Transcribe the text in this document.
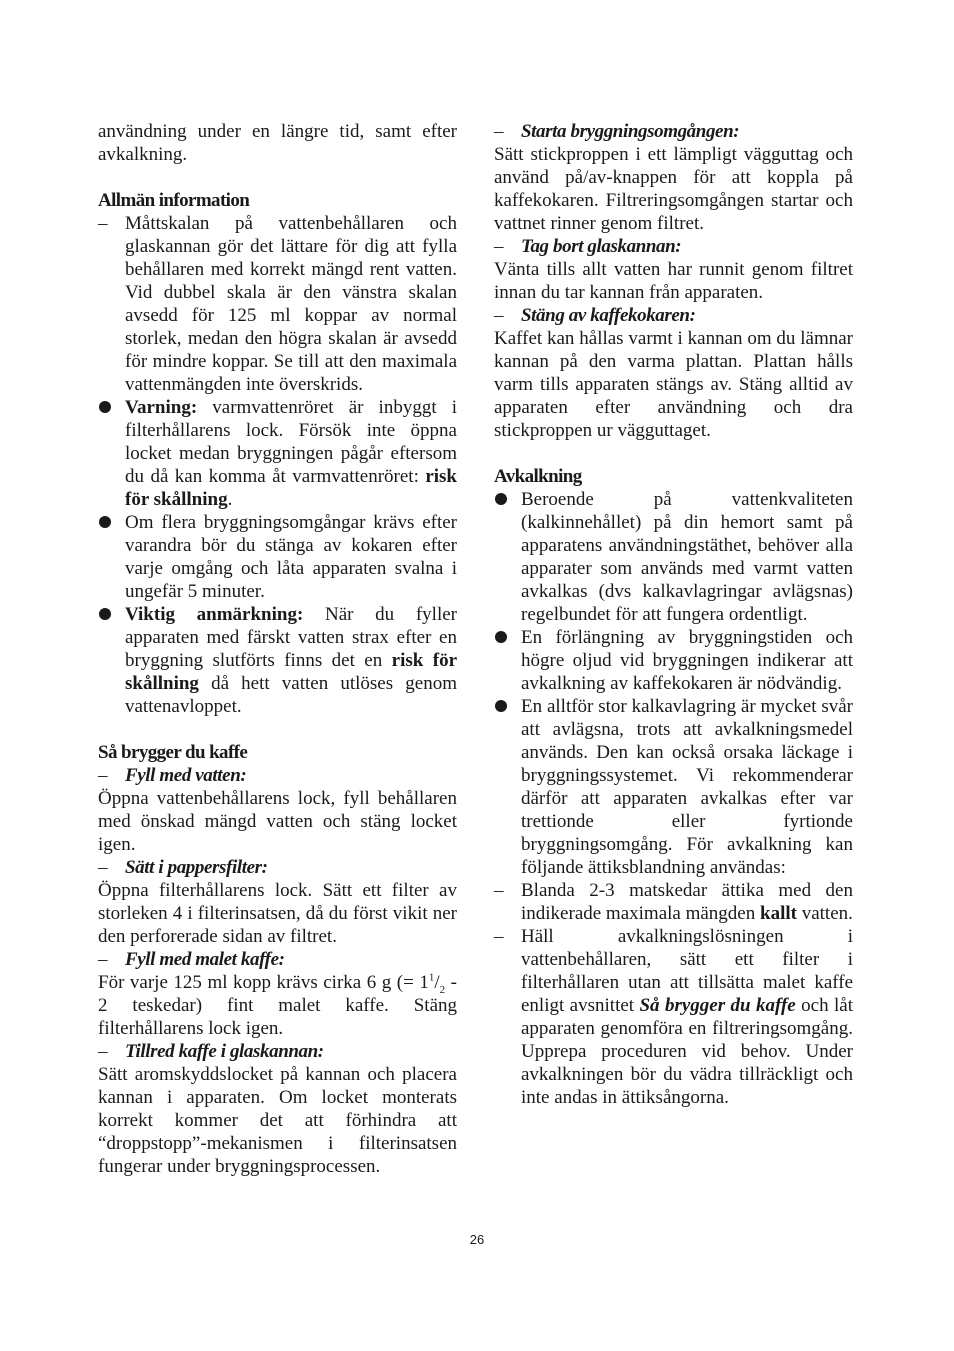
användning under en längre tid, samt efter avkalkning.

Allmän information

–
Måttskalan på vattenbehållaren och glaskannan gör det lättare för dig att fylla behållaren med korrekt mängd rent vatten. Vid dubbel skala är den vänstra skalan avsedd för 125 ml koppar av normal storlek, medan den högra skalan är avsedd för mindre koppar. Se till att den maximala vattenmängden inte överskrids.
Varning: varmvattenröret är inbyggt i filterhållarens lock. Försök inte öppna locket medan bryggningen pågår eftersom du då kan komma åt varmvattenröret: risk för skållning.
Om flera bryggningsomgångar krävs efter varandra bör du stänga av kokaren efter varje omgång och låta apparaten svalna i ungefär 5 minuter.
Viktig anmärkning: När du fyller apparaten med färskt vatten strax efter en bryggning slutförts finns det en risk för skållning då hett vatten utlöses genom vattenavloppet.

Så brygger du kaffe

– Fyll med vatten:

Öppna vattenbehållarens lock, fyll behållaren med önskad mängd vatten och stäng locket igen.

– Sätt i pappersfilter:

Öppna filterhållarens lock. Sätt ett filter av storleken 4 i filterinsatsen, då du först vikit ner den perforerade sidan av filtret.

– Fyll med malet kaffe:

För varje 125 ml kopp krävs cirka 6 g (= $1^1/_2 - 2$ teskedar) fint malet kaffe. Stäng filterhållarens lock igen.

– Tillred kaffe i glaskannan:

Sätt aromskyddslocket på kannan och placera kannan i apparaten. Om locket monterats korrekt kommer det att förhindra att “droppstopp”-mekanismen i filterinsatsen fungerar under bryggningsprocessen.

– Starta bryggningsomgången:

Sätt stickproppen i ett lämpligt vägguttag och använd på/av-knappen för att koppla på kaffekokaren. Filtreringsomgången startar och vattnet rinner genom filtret.

– Tag bort glaskannan:

Vänta tills allt vatten har runnit genom filtret innan du tar kannan från apparaten.

– Stäng av kaffekokaren:

Kaffet kan hållas varmt i kannan om du lämnar kannan på den varma plattan. Plattan hålls varm tills apparaten stängs av. Stäng alltid av apparaten efter användning och dra stickproppen ur vägguttaget.

Avkalkning

Beroende på vattenkvaliteten (kalkinnehållet) på din hemort samt på apparatens användningstäthet, behöver alla apparater som används med varmt vatten avkalkas (dvs kalkavlagringar avlägsnas) regelbundet för att fungera ordentligt.
En förlängning av bryggningstiden och högre oljud vid bryggningen indikerar att avkalkning av kaffekokaren är nödvändig.
En alltför stor kalkavlagring är mycket svår att avlägsna, trots att avkalkningsmedel används. Den kan också orsaka läckage i bryggningssystemet. Vi rekommenderar därför att apparaten avkalkas efter var trettionde eller fyrtionde bryggningsomgång. För avkalkning kan följande ättiksblandning användas:
–
Blanda 2-3 matskedar ättika med den indikerade maximala mängden kallt vatten.
–
Häll avkalkningslösningen i vattenbehållaren, sätt ett filter i filterhållaren utan att tillsätta malet kaffe enligt avsnittet Så brygger du kaffe och låt apparaten genomföra en filtreringsomgång. Upprepa proceduren vid behov. Under avkalkningen bör du vädra tillräckligt och inte andas in ättiksångorna.
26
